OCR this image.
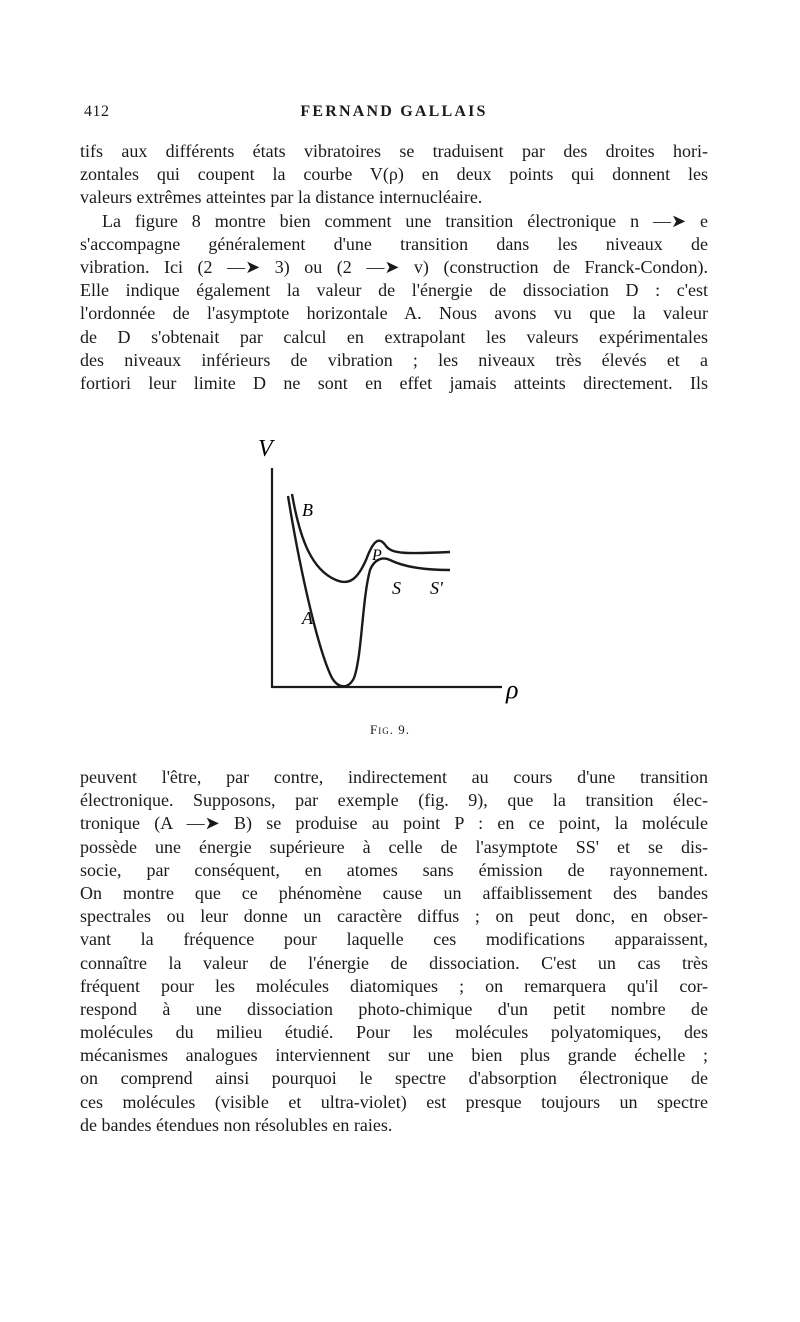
412	FERNAND GALLAIS
tifs aux différents états vibratoires se traduisent par des droites hori-
zontales qui coupent la courbe V(ρ) en deux points qui donnent les
valeurs extrêmes atteintes par la distance internucléaire.
La figure 8 montre bien comment une transition électronique n —➤ e
s'accompagne généralement d'une transition dans les niveaux de
vibration. Ici (2 —➤ 3) ou (2 —➤ v) (construction de Franck-Condon).
Elle indique également la valeur de l'énergie de dissociation D : c'est
l'ordonnée de l'asymptote horizontale A. Nous avons vu que la valeur
de D s'obtenait par calcul en extrapolant les valeurs expérimentales
des niveaux inférieurs de vibration ; les niveaux très élevés et a
fortiori leur limite D ne sont en effet jamais atteints directement. Ils
V
B
A
P
S S'
ρ
Fig. 9.
peuvent l'être, par contre, indirectement au cours d'une transition
électronique. Supposons, par exemple (fig. 9), que la transition élec-
tronique (A —➤ B) se produise au point P : en ce point, la molécule
possède une énergie supérieure à celle de l'asymptote SS' et se dis-
socie, par conséquent, en atomes sans émission de rayonnement.
On montre que ce phénomène cause un affaiblissement des bandes
spectrales ou leur donne un caractère diffus ; on peut donc, en obser-
vant la fréquence pour laquelle ces modifications apparaissent,
connaître la valeur de l'énergie de dissociation. C'est un cas très
fréquent pour les molécules diatomiques ; on remarquera qu'il cor-
respond à une dissociation photo-chimique d'un petit nombre de
molécules du milieu étudié. Pour les molécules polyatomiques, des
mécanismes analogues interviennent sur une bien plus grande échelle ;
on comprend ainsi pourquoi le spectre d'absorption électronique de
ces molécules (visible et ultra-violet) est presque toujours un spectre
de bandes étendues non résolubles en raies.
